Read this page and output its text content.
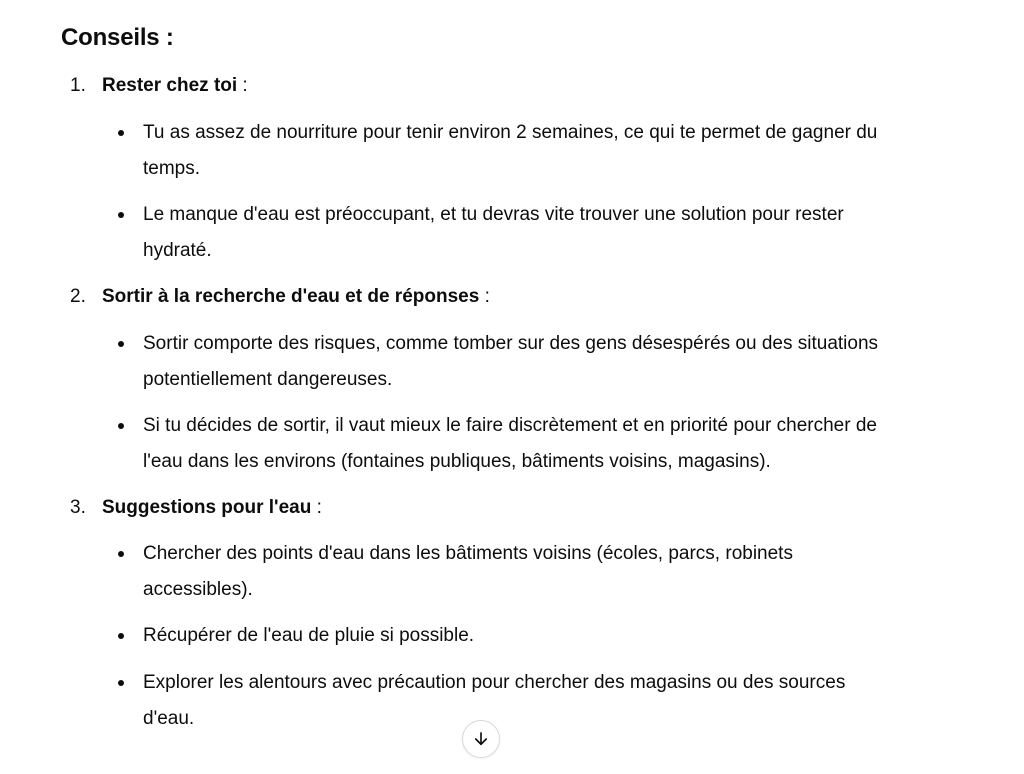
Conseils :
1. Rester chez toi :
Tu as assez de nourriture pour tenir environ 2 semaines, ce qui te permet de gagner du
temps.
Le manque d'eau est préoccupant, et tu devras vite trouver une solution pour rester
hydraté.
2. Sortir à la recherche d'eau et de réponses :
Sortir comporte des risques, comme tomber sur des gens désespérés ou des situations
potentiellement dangereuses.
Si tu décides de sortir, il vaut mieux le faire discrètement et en priorité pour chercher de
l'eau dans les environs (fontaines publiques, bâtiments voisins, magasins).
3. Suggestions pour l'eau :
Chercher des points d'eau dans les bâtiments voisins (écoles, parcs, robinets
accessibles).
Récupérer de l'eau de pluie si possible.
Explorer les alentours avec précaution pour chercher des magasins ou des sources
d'eau.
